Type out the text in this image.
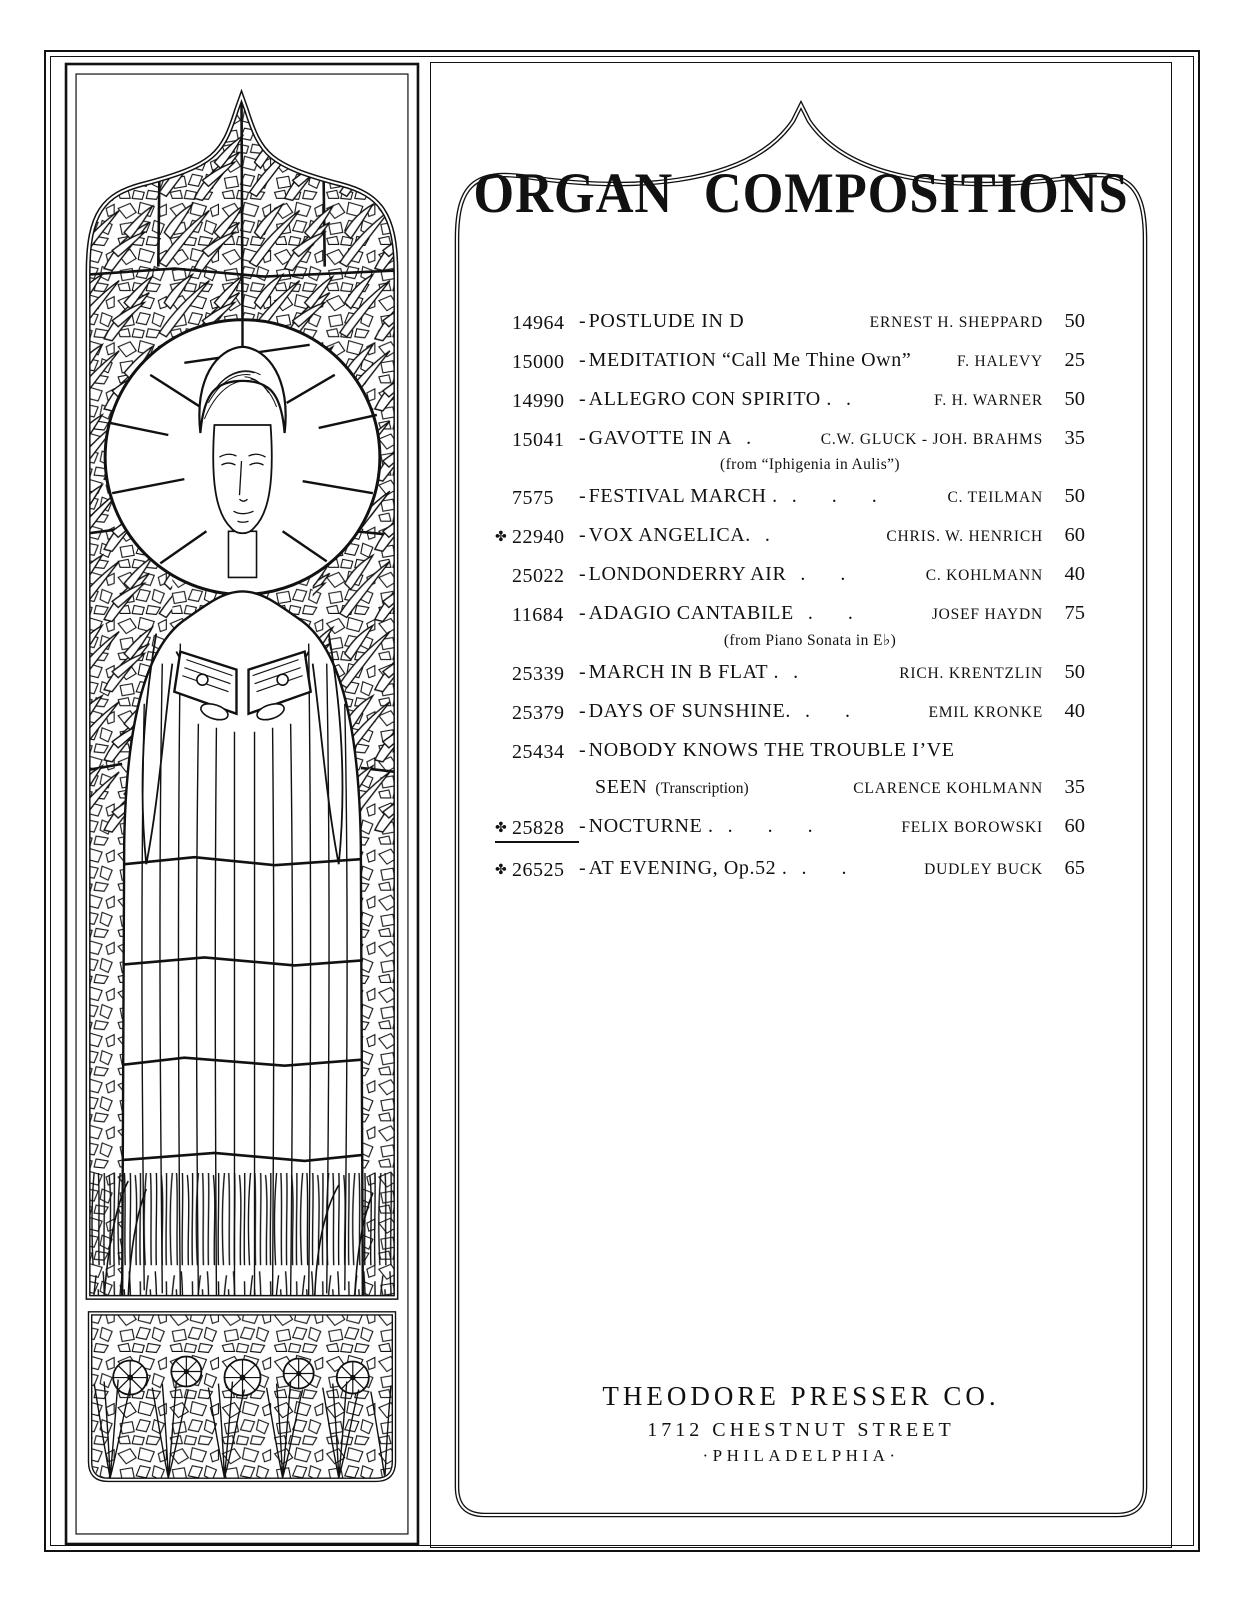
ORGAN COMPOSITIONS

14964 - POSTLUDE IN D	ERNEST H. SHEPPARD	50

15000 - MEDITATION “Call Me Thine Own”	F. HALEVY	25

14990 - ALLEGRO CON SPIRITO . .	F. H. WARNER	50

15041 - GAVOTTE IN A .	C.W. GLUCK - JOH. BRAHMS	35
(from “Iphigenia in Aulis”)

7575 - FESTIVAL MARCH . . . .	C. TEILMAN	50
✤ 22940 - VOX ANGELICA. .	CHRIS. W. HENRICH	60

25022 - LONDONDERRY AIR . .	C. KOHLMANN	40

11684 - ADAGIO CANTABILE . .	JOSEF HAYDN	75
(from Piano Sonata in E♭)

25339 - MARCH IN B FLAT . .	RICH. KRENTZLIN	50

25379 - DAYS OF SUNSHINE. . .	EMIL KRONKE	40

25434 - NOBODY KNOWS THE TROUBLE I’VE
SEEN (Transcription)	CLARENCE KOHLMANN	35
✤ 25828 - NOCTURNE . . . .	FELIX BOROWSKI	60
✤ 26525 - AT EVENING, Op.52 . . .	DUDLEY BUCK	65
THEODORE PRESSER CO.
1712 CHESTNUT STREET
·PHILADELPHIA·
